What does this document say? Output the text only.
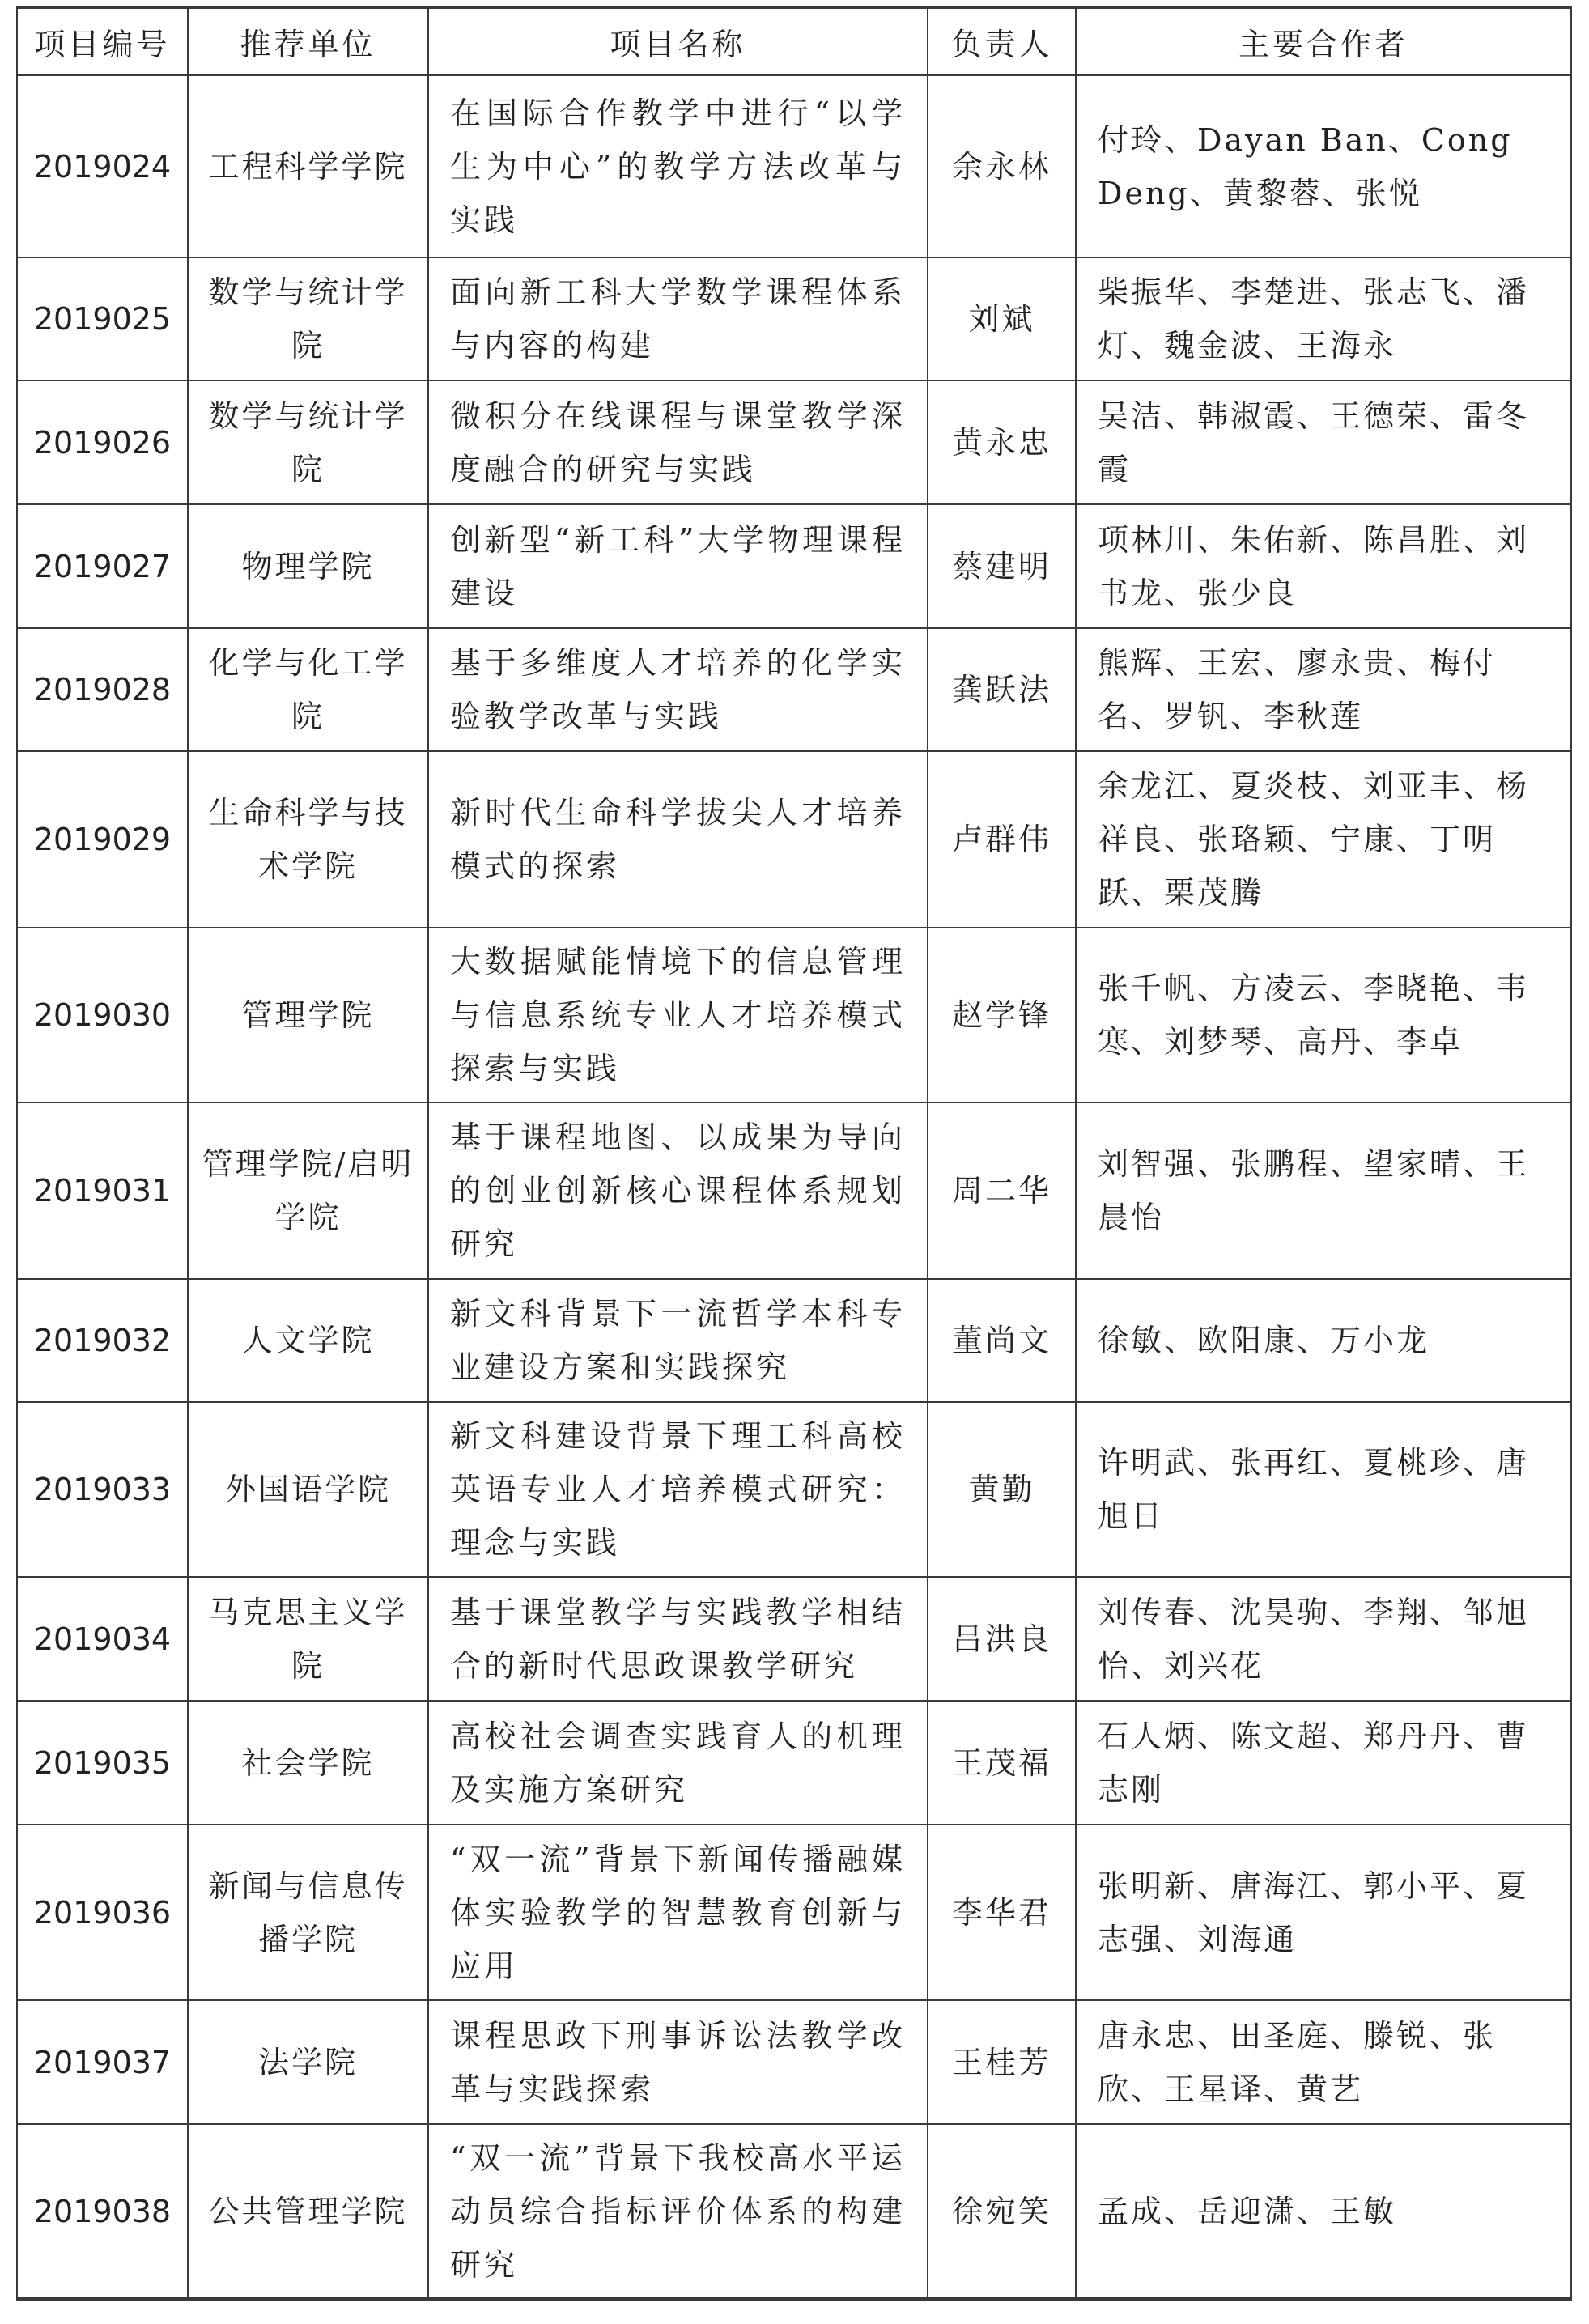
项目编号	推荐单位	项目名称	负责人	主要合作者
2019024	工程科学学院	在国际合作教学中进行“以学生为中心”的教学方法改革与实践	余永林	付玲、Dayan Ban、Cong Deng、黄黎蓉、张悦
2019025	数学与统计学院	面向新工科大学数学课程体系与内容的构建	刘斌	柴振华、李楚进、张志飞、潘灯、魏金波、王海永
2019026	数学与统计学院	微积分在线课程与课堂教学深度融合的研究与实践	黄永忠	吴洁、韩淑霞、王德荣、雷冬霞
2019027	物理学院	创新型“新工科”大学物理课程建设	蔡建明	项林川、朱佑新、陈昌胜、刘书龙、张少良
2019028	化学与化工学院	基于多维度人才培养的化学实验教学改革与实践	龚跃法	熊辉、王宏、廖永贵、梅付名、罗钒、李秋莲
2019029	生命科学与技术学院	新时代生命科学拔尖人才培养模式的探索	卢群伟	余龙江、夏炎枝、刘亚丰、杨祥良、张珞颖、宁康、丁明跃、栗茂腾
2019030	管理学院	大数据赋能情境下的信息管理与信息系统专业人才培养模式探索与实践	赵学锋	张千帆、方凌云、李晓艳、韦寒、刘梦琴、高丹、李卓
2019031	管理学院/启明学院	基于课程地图、以成果为导向的创业创新核心课程体系规划研究	周二华	刘智强、张鹏程、望家晴、王晨怡
2019032	人文学院	新文科背景下一流哲学本科专业建设方案和实践探究	董尚文	徐敏、欧阳康、万小龙
2019033	外国语学院	新文科建设背景下理工科高校英语专业人才培养模式研究：理念与实践	黄勤	许明武、张再红、夏桃珍、唐旭日
2019034	马克思主义学院	基于课堂教学与实践教学相结合的新时代思政课教学研究	吕洪良	刘传春、沈昊驹、李翔、邹旭怡、刘兴花
2019035	社会学院	高校社会调查实践育人的机理及实施方案研究	王茂福	石人炳、陈文超、郑丹丹、曹志刚
2019036	新闻与信息传播学院	“双一流”背景下新闻传播融媒体实验教学的智慧教育创新与应用	李华君	张明新、唐海江、郭小平、夏志强、刘海通
2019037	法学院	课程思政下刑事诉讼法教学改革与实践探索	王桂芳	唐永忠、田圣庭、滕锐、张欣、王星译、黄艺
2019038	公共管理学院	“双一流”背景下我校高水平运动员综合指标评价体系的构建研究	徐宛笑	孟成、岳迎潇、王敏
